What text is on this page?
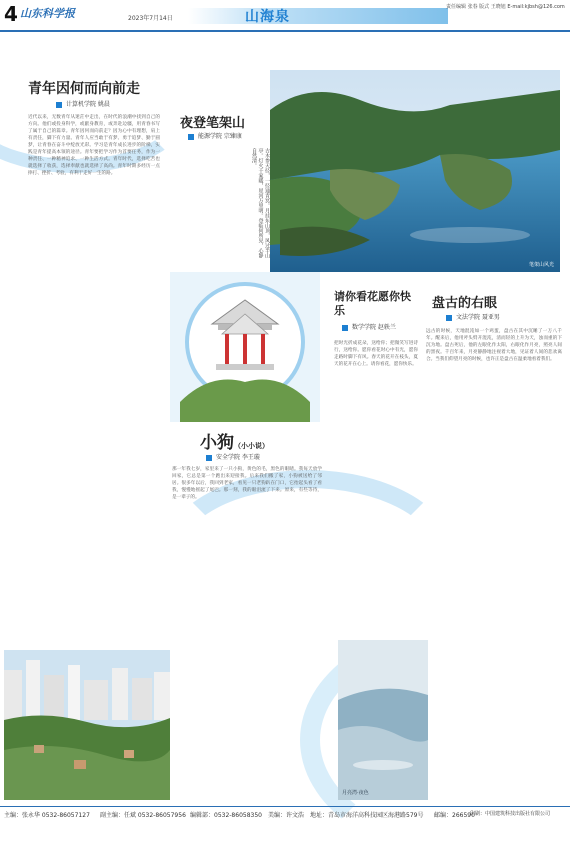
4 山东科学报	2023年7月14日	山海泉
责任编辑 张春 版式 王晓旭 E-mail:kjbsh@126.com
青年因何而向前走
计算机学院 姚晨
近代以来，无数青年从迷茫中走出，在时代的浪潮中找到自己的方向。他们或投身科学，或献身教育，或奔赴边疆，用青春书写了属于自己的篇章。青年因何而向前走？因为心中有理想，肩上有责任，脚下有力量。青年人应当敢于有梦、勇于追梦、勤于圆梦，让青春在奋斗中绽放光彩。学习是青年成长进步的阶梯，实践是青年提高本领的途径。青年要把学习作为首要任务，作为一种责任、一种精神追求、一种生活方式。青年时代，选择吃苦也就选择了收获，选择奉献也就选择了高尚。青年时期多经历一点摔打、挫折、考验，有利于走好一生的路。
夜登笔架山
能源学院 宗臻康
古木参天径，一径通青冥。月挂东山顶，风过半山亭。灯火千家暖，星河万里明。登临何所见，心静自然清。
笔架山风光
请你看花愿你快乐
数学学院 赵轶兰
把时光折成花朵，送给你；把微笑写进诗行，送给你。愿你看花时心中有光，愿你走路时脚下有风。春天的花开在枝头，夏天的花开在心上。请你看花，愿你快乐。
小狗（小小说）
安全学院 李王璇
那一年我七岁，家里来了一只小狗，黄色的毛，黑色的眼睛。我每天放学回家，它总是第一个跑出来迎接我。后来我们搬了家，小狗被送给了邻居。很多年以后，我回到老家，看见一只老狗趴在门口，它抬起头看了看我，慢慢地摇起了尾巴。那一刻，我的眼泪流了下来。原来，有些等待，是一辈子的。
盘古的右眼
文法学院 聂亚男
远古的时候，天地混沌如一个鸡蛋，盘古在其中沉睡了一万八千年。醒来后，他用斧头劈开混沌，清而轻的上升为天，浊而重的下沉为地。盘古死后，他的左眼化作太阳，右眼化作月亮，照亮人间的黑夜。千百年来，月亮静静地注视着大地，见证着人间的悲欢离合。当我们仰望月亮的时候，也许正是盘古在温柔地看着我们。
月亮湾·夜色
主编：张永华 0532-86057127 副主编：任斌 0532-86057956 编辑部：0532-86058350 美编：许文浩 地址：青岛市海洋高科技园区海港路579号 邮编：266590
印刷：中国建筑科技出版社有限公司
